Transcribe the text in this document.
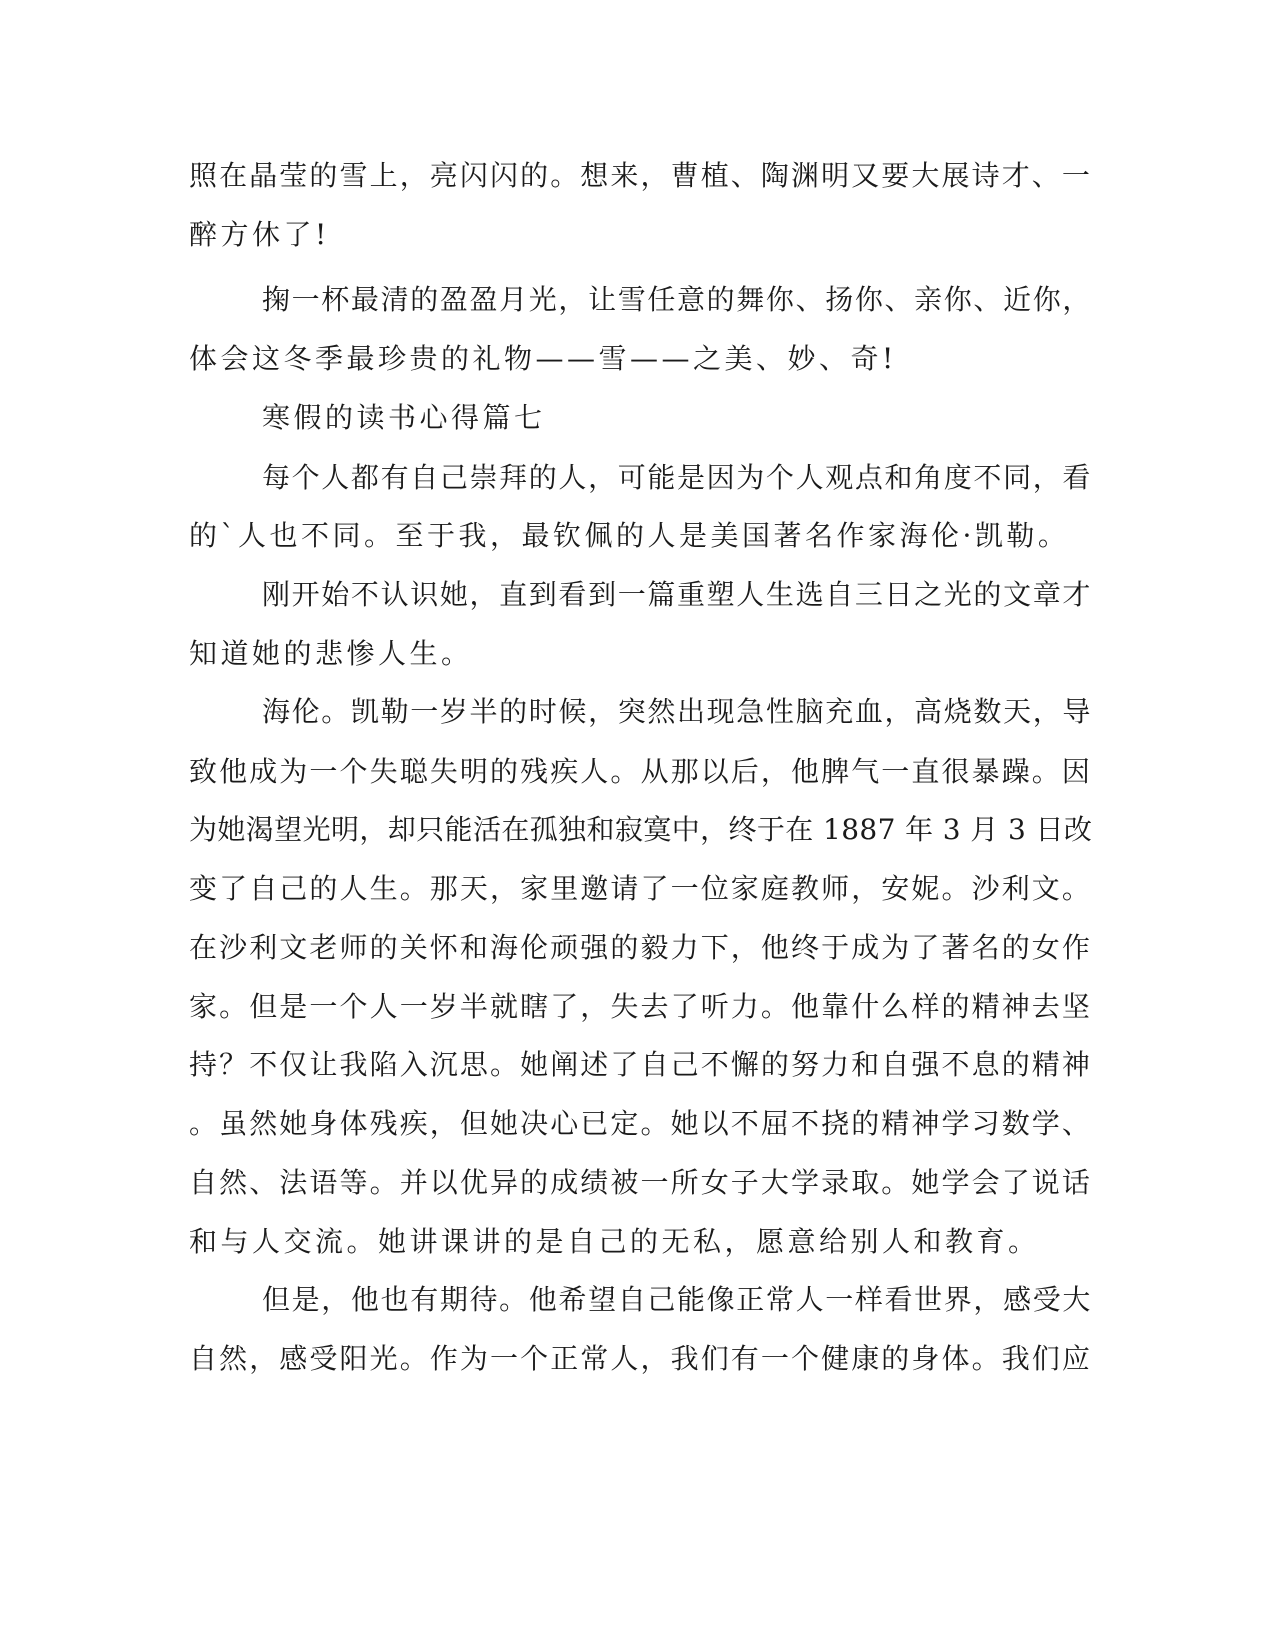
照在晶莹的雪上，亮闪闪的。想来，曹植、陶渊明又要大展诗才、一
醉方休了!
掬一杯最清的盈盈月光，让雪任意的舞你、扬你、亲你、近你，
体会这冬季最珍贵的礼物——雪——之美、妙、奇!
寒假的读书心得篇七
每个人都有自己崇拜的人，可能是因为个人观点和角度不同，看
的`人也不同。至于我，最钦佩的人是美国著名作家海伦·凯勒。
刚开始不认识她，直到看到一篇重塑人生选自三日之光的文章才
知道她的悲惨人生。
海伦。凯勒一岁半的时候，突然出现急性脑充血，高烧数天，导
致他成为一个失聪失明的残疾人。从那以后，他脾气一直很暴躁。因
为她渴望光明，却只能活在孤独和寂寞中，终于在 1887 年 3 月 3 日改
变了自己的人生。那天，家里邀请了一位家庭教师，安妮。沙利文。
在沙利文老师的关怀和海伦顽强的毅力下，他终于成为了著名的女作
家。但是一个人一岁半就瞎了，失去了听力。他靠什么样的精神去坚
持？不仅让我陷入沉思。她阐述了自己不懈的努力和自强不息的精神
。虽然她身体残疾，但她决心已定。她以不屈不挠的精神学习数学、
自然、法语等。并以优异的成绩被一所女子大学录取。她学会了说话
和与人交流。她讲课讲的是自己的无私，愿意给别人和教育。
但是，他也有期待。他希望自己能像正常人一样看世界，感受大
自然，感受阳光。作为一个正常人，我们有一个健康的身体。我们应
